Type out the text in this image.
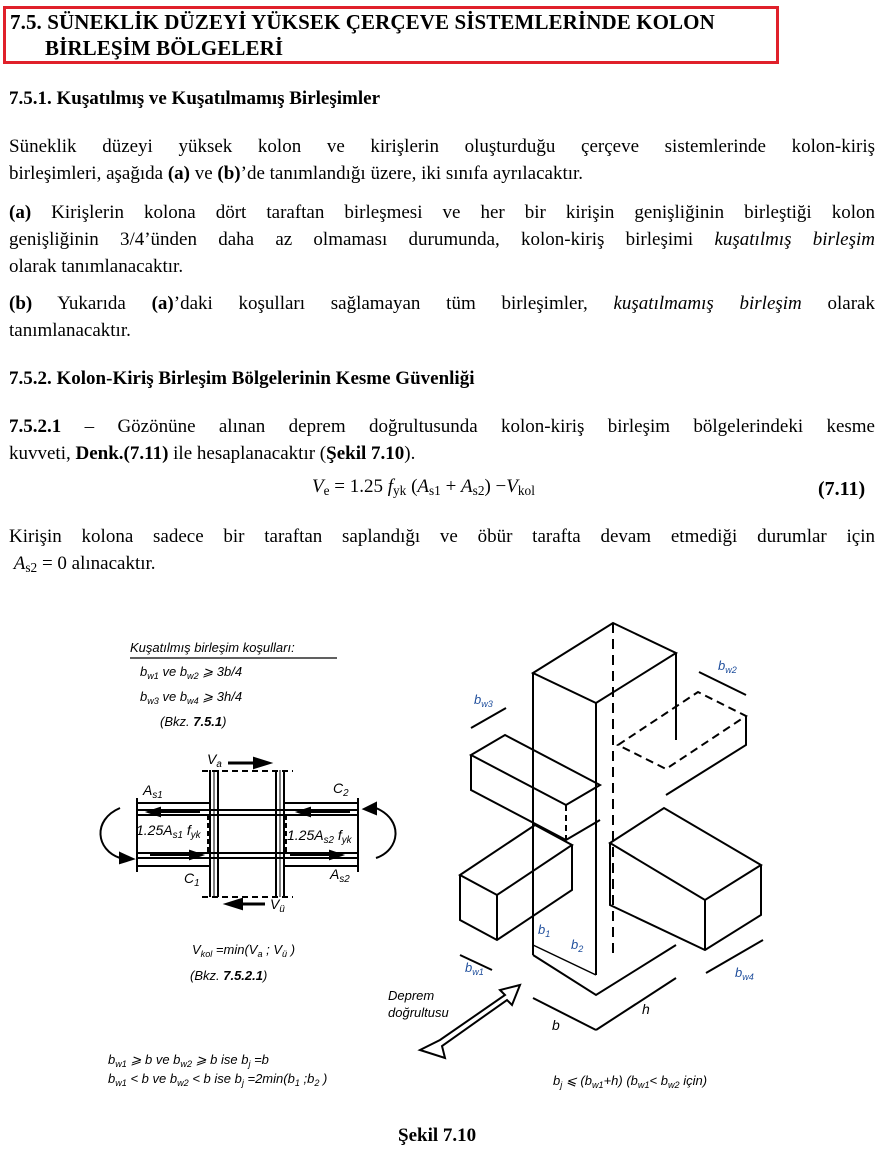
7.5. SÜNEKLİK DÜZEYİ YÜKSEK ÇERÇEVE SİSTEMLERİNDE KOLON
BİRLEŞİM BÖLGELERİ
7.5.1. Kuşatılmış ve Kuşatılmamış Birleşimler
Süneklik düzeyi yüksek kolon ve kirişlerin oluşturduğu çerçeve sistemlerinde kolon-kiriş
birleşimleri, aşağıda (a) ve (b)’de tanımlandığı üzere, iki sınıfa ayrılacaktır.
(a) Kirişlerin kolona dört taraftan birleşmesi ve her bir kirişin genişliğinin birleştiği kolon
genişliğinin 3/4’ünden daha az olmaması durumunda, kolon-kiriş birleşimi kuşatılmış birleşim
olarak tanımlanacaktır.
(b) Yukarıda (a)’daki koşulları sağlamayan tüm birleşimler, kuşatılmamış birleşim olarak
tanımlanacaktır.
7.5.2. Kolon-Kiriş Birleşim Bölgelerinin Kesme Güvenliği
7.5.2.1 – Gözönüne alınan deprem doğrultusunda kolon-kiriş birleşim bölgelerindeki kesme
kuvveti, Denk.(7.11) ile hesaplanacaktır (Şekil 7.10).
$V_e = 1.25$ $f_{yk}$ $(A_{s1} + A_{s2}) -V_{kol}$	(7.11)
Kirişin kolona sadece bir taraftan saplandığı ve öbür tarafta devam etmediği durumlar için
$A_{s2} = 0$ alınacaktır.
Kuşatılmış birleşim koşulları:
$b_{w1}$ ve $b_{w2}$ ⩾ 3b/4
$b_{w3}$ ve $b_{w4}$ ⩾ 3h/4
(Bkz. 7.5.1)
$V_a$
$V_ü$
$A_{s1}$
$A_{s2}$
$C_1$
$C_2$
$1.25A_{s1}$ $f_{yk}$	$1.25A_{s2}$ $f_{yk}$
$V_{kol} =\min(V_a$ ; $V_ü$ )
(Bkz. 7.5.2.1)
Deprem
doğrultusu
$b_{w3}$
$b_{w2}$
$b_{w1}$	$b_{w4}$
$b_1$
$b_2$
b
h
$b_{w1}$ ⩾ b ve $b_{w2}$ ⩾ b ise $b_j =b$
$b_{w1} < b$ ve $b_{w2} < b$ ise $b_j =2\min(b_1$ $;b_2$ )	$b_j$ ⩽ $(b_{w1}+h)$ ($b_{w1}< b_{w2}$ için)
Şekil 7.10
